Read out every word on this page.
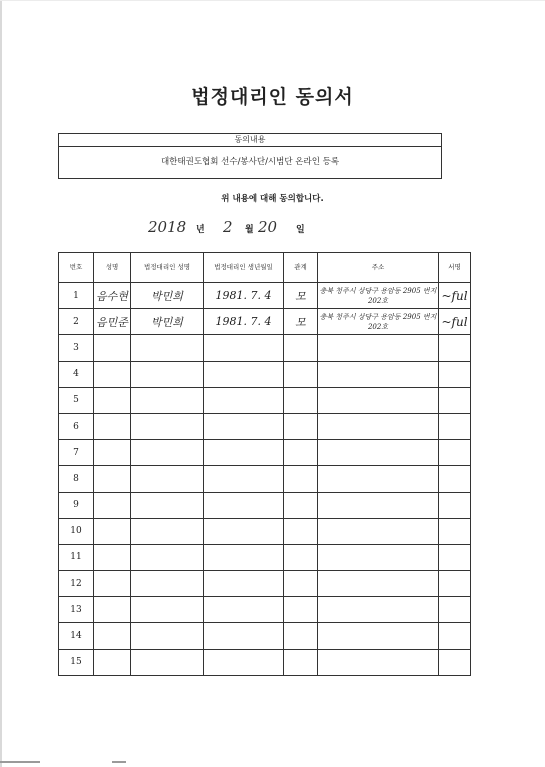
법정대리인 동의서
동의내용
대한태권도협회 선수/봉사단/시범단 온라인 등록
위 내용에 대해 동의합니다.
2018 년 2 월 20 일
번호	성명	법정대리인 성명	법정대리인 생년월일	관계	주소	서명
1	음수현	박민희	1981. 7. 4	모	충북 청주시 상당구 용암동 2905 번지 202호	~ful
2	음민준	박민희	1981. 7. 4	모	충북 청주시 상당구 용암동 2905 번지 202호	~ful
3						
4						
5						
6						
7						
8						
9						
10						
11						
12						
13						
14						
15						
